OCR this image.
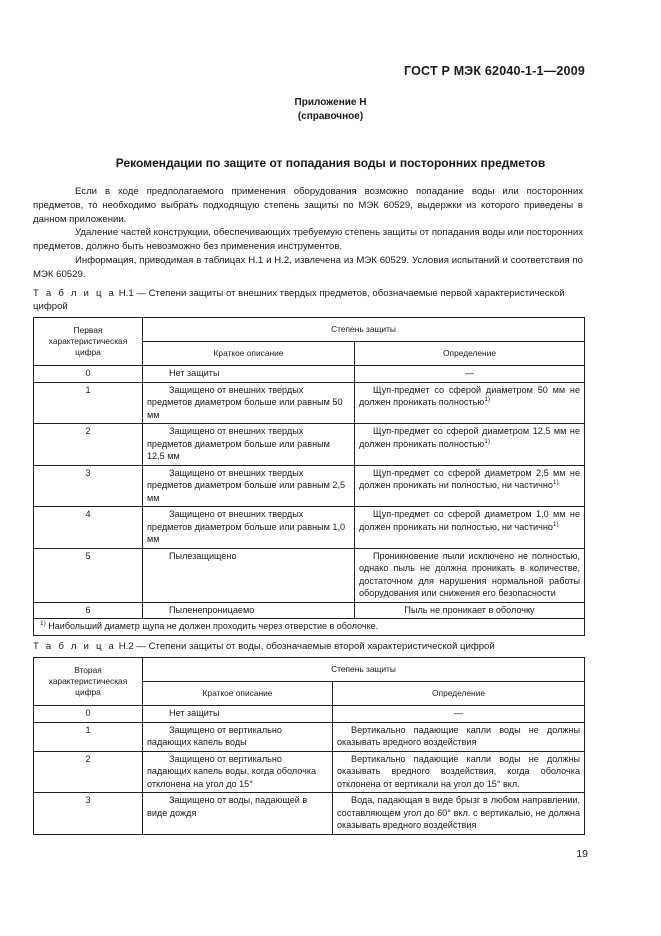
ГОСТ Р МЭК 62040-1-1—2009
Приложение Н
(справочное)
Рекомендации по защите от попадания воды и посторонних предметов

Если в ходе предполагаемого применения оборудования возможно попадание воды или посторонних предметов, то необходимо выбрать подходящую степень защиты по МЭК 60529, выдержки из которого приведены в данном приложении.

Удаление частей конструкции, обеспечивающих требуемую степень защиты от попадания воды или посторонних предметов, должно быть невозможно без применения инструментов.

Информация, приводимая в таблицах Н.1 и Н.2, извлечена из МЭК 60529. Условия испытаний и соответствия по МЭК 60529.

Т а б л и ц а Н.1 — Степени защиты от внешних твердых предметов, обозначаемые первой характеристической цифрой
Первая характеристическая цифра	Степень защиты	
	Краткое описание	Определение
0	Нет защиты	—
1	Защищено от внешних твердых предметов диаметром больше или равным 50 мм	Щуп-предмет со сферой диаметром 50 мм не должен проникать полностью$^{1)}$
2	Защищено от внешних твердых предметов диаметром больше или равным 12,5 мм	Щуп-предмет со сферой диаметром 12,5 мм не должен проникать полностью$^{1)}$
3	Защищено от внешних твердых предметов диаметром больше или равным 2,5 мм	Щуп-предмет со сферой диаметром 2,5 мм не должен проникать ни полностью, ни частично$^{1)}$
4	Защищено от внешних твердых предметов диаметром больше или равным 1,0 мм	Щуп-предмет со сферой диаметром 1,0 мм не должен проникать ни полностью, ни частично$^{1)}$
5	Пылезащищено	Проникновение пыли исключено не полностью, однако пыль не должна проникать в количестве, достаточном для нарушения нормальной работы оборудования или снижения его безопасности
6	Пыленепроницаемо	Пыль не проникает в оболочку
$^{1)}$ Наибольший диаметр щупа не должен проходить через отверстие в оболочке.		
Т а б л и ц а Н.2 — Степени защиты от воды, обозначаемые второй характеристической цифрой
Вторая характеристическая цифра	Степень защиты	
	Краткое описание	Определение
0	Нет защиты	—
1	Защищено от вертикально падающих капель воды	Вертикально падающие капли воды не должны оказывать вредного воздействия
2	Защищено от вертикально падающих капель воды, когда оболочка отклонена на угол до 15°	Вертикально падающие капли воды не должны оказывать вредного воздействия, когда оболочка отклонена от вертикали на угол до 15° вкл.
3	Защищено от воды, падающей в виде дождя	Вода, падающая в виде брызг в любом направлении, составляющем угол до 60° вкл. с вертикалью, не должна оказывать вредного воздействия
19
